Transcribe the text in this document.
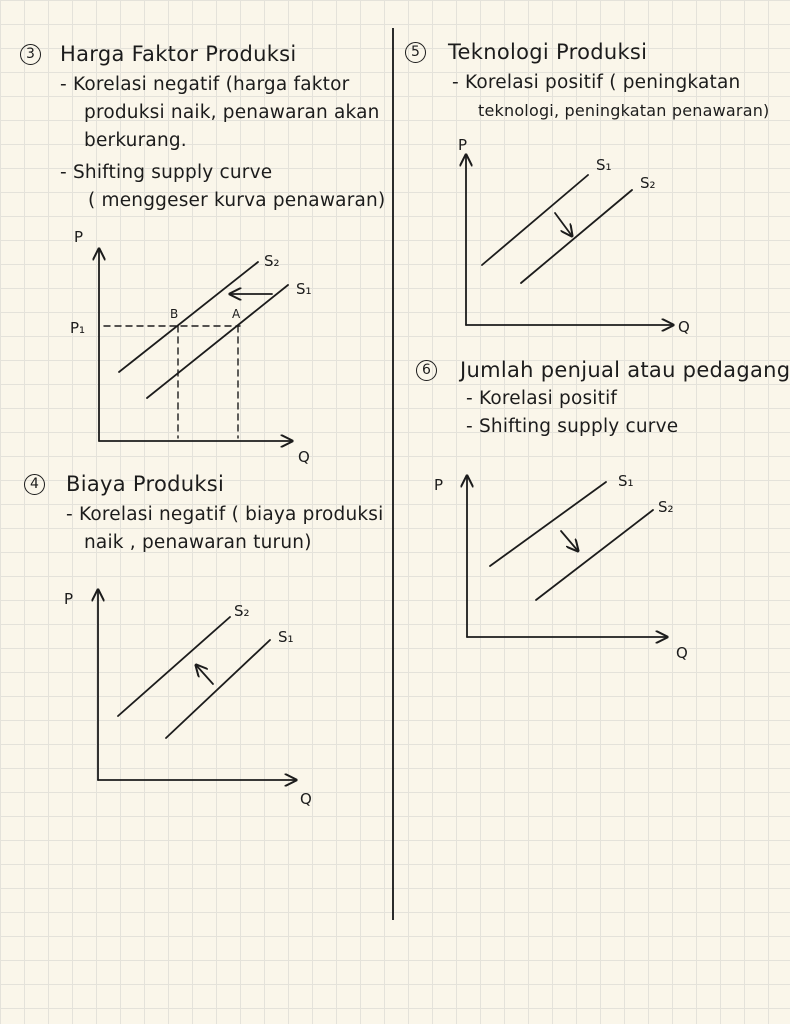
3 Harga Faktor Produksi
- Korelasi negatif (harga faktor
produksi naik, penawaran akan
berkurang.
- Shifting supply curve
( menggeser kurva penawaran)
4 Biaya Produksi
- Korelasi negatif ( biaya produksi
naik , penawaran turun)
5 Teknologi Produksi
- Korelasi positif ( peningkatan
teknologi, peningkatan penawaran)
6 Jumlah penjual atau pedagang
- Korelasi positif
- Shifting supply curve
P
Q
S₂
S₁
P₁
B	A
P
Q
S₂
S₁
P
Q
S₁
S₂
P
Q
S₁
S₂
